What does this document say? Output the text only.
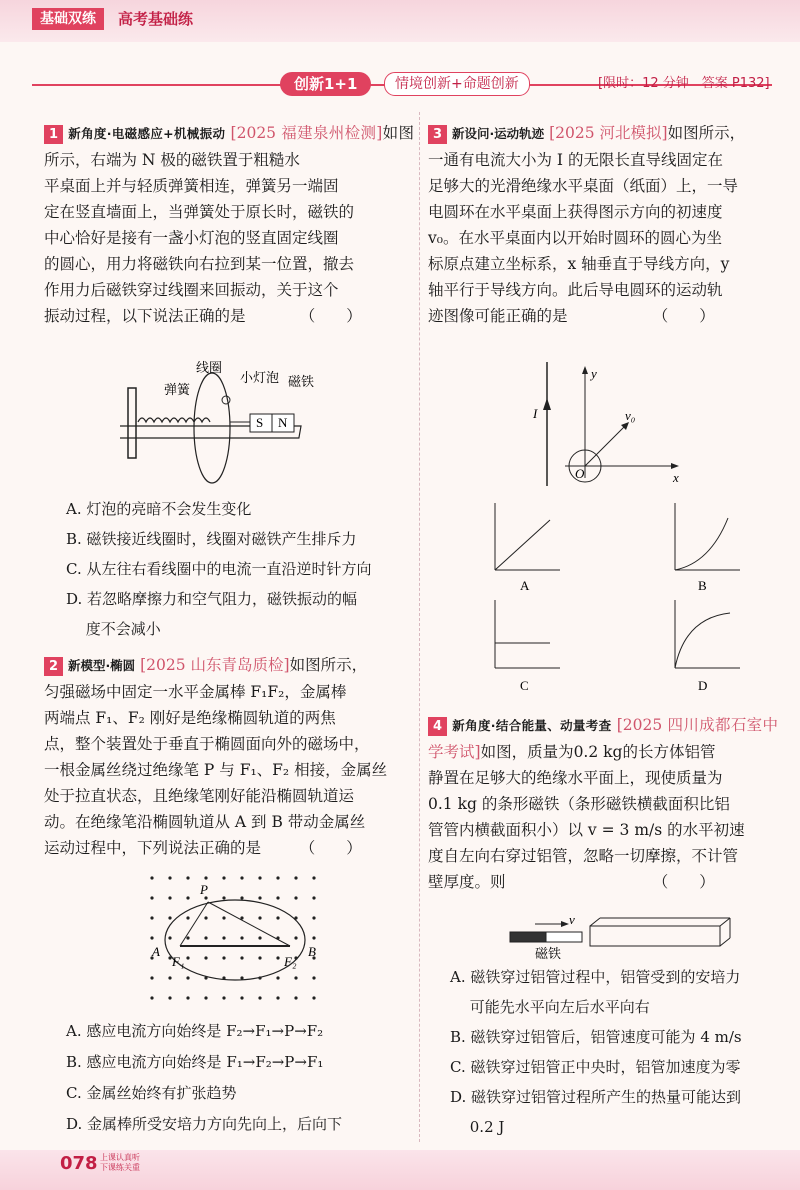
基础双练	高考基础练
创新1+1	情境创新+命题创新	[限时：12 分钟　答案 P132]
1 新角度·电磁感应+机械振动 [2025 福建泉州检测]如图所示，右端为 N 极的磁铁置于粗糙水
平桌面上并与轻质弹簧相连，弹簧另一端固
定在竖直墙面上，当弹簧处于原长时，磁铁的
中心恰好是接有一盏小灯泡的竖直固定线圈
的圆心，用力将磁铁向右拉到某一位置，撤去
作用力后磁铁穿过线圈来回振动，关于这个
振动过程，以下说法正确的是　　　　（　　）
S N
线圈
弹簧
小灯泡 磁铁
A. 灯泡的亮暗不会发生变化
B. 磁铁接近线圈时，线圈对磁铁产生排斥力
C. 从左往右看线圈中的电流一直沿逆时针方向
D. 若忽略摩擦力和空气阻力，磁铁振动的幅
　 度不会减小
2 新模型·椭圆 [2025 山东青岛质检]如图所示，
匀强磁场中固定一水平金属棒 F₁F₂，金属棒
两端点 F₁、F₂ 刚好是绝缘椭圆轨道的两焦
点，整个装置处于垂直于椭圆面向外的磁场中，
一根金属丝绕过绝缘笔 P 与 F₁、F₂ 相接，金属丝
处于拉直状态，且绝缘笔刚好能沿椭圆轨道运
动。在绝缘笔沿椭圆轨道从 A 到 B 带动金属丝
运动过程中，下列说法正确的是　　　（　　）
P
A	B
F₁	F₂
A. 感应电流方向始终是 F₂→F₁→P→F₂
B. 感应电流方向始终是 F₁→F₂→P→F₁
C. 金属丝始终有扩张趋势
D. 金属棒所受安培力方向先向上，后向下
3 新设问·运动轨迹 [2025 河北模拟]如图所示，
一通有电流大小为 I 的无限长直导线固定在
足够大的光滑绝缘水平桌面（纸面）上，一导
电圆环在水平桌面上获得图示方向的初速度
v₀。在水平桌面内以开始时圆环的圆心为坐
标原点建立坐标系，x 轴垂直于导线方向，y
轴平行于导线方向。此后导电圆环的运动轨
迹图像可能正确的是　　　　　　（　　）
I
y
x
O
v₀
A	B
C	D
4 新角度·结合能量、动量考查 [2025 四川成都石室中学考试]如图，质量为0.2 kg的长方体铝管
静置在足够大的绝缘水平面上，现使质量为
0.1 kg 的条形磁铁（条形磁铁横截面积比铝
管管内横截面积小）以 v = 3 m/s 的水平初速
度自左向右穿过铝管，忽略一切摩擦，不计管
壁厚度。则　　　　　　　　　　（　　）
v
磁铁
A. 磁铁穿过铝管过程中，铝管受到的安培力
　 可能先水平向左后水平向右
B. 磁铁穿过铝管后，铝管速度可能为 4 m/s
C. 磁铁穿过铝管正中央时，铝管加速度为零
D. 磁铁穿过铝管过程所产生的热量可能达到
　 0.2 J
078 上课认真听 下课练关重
